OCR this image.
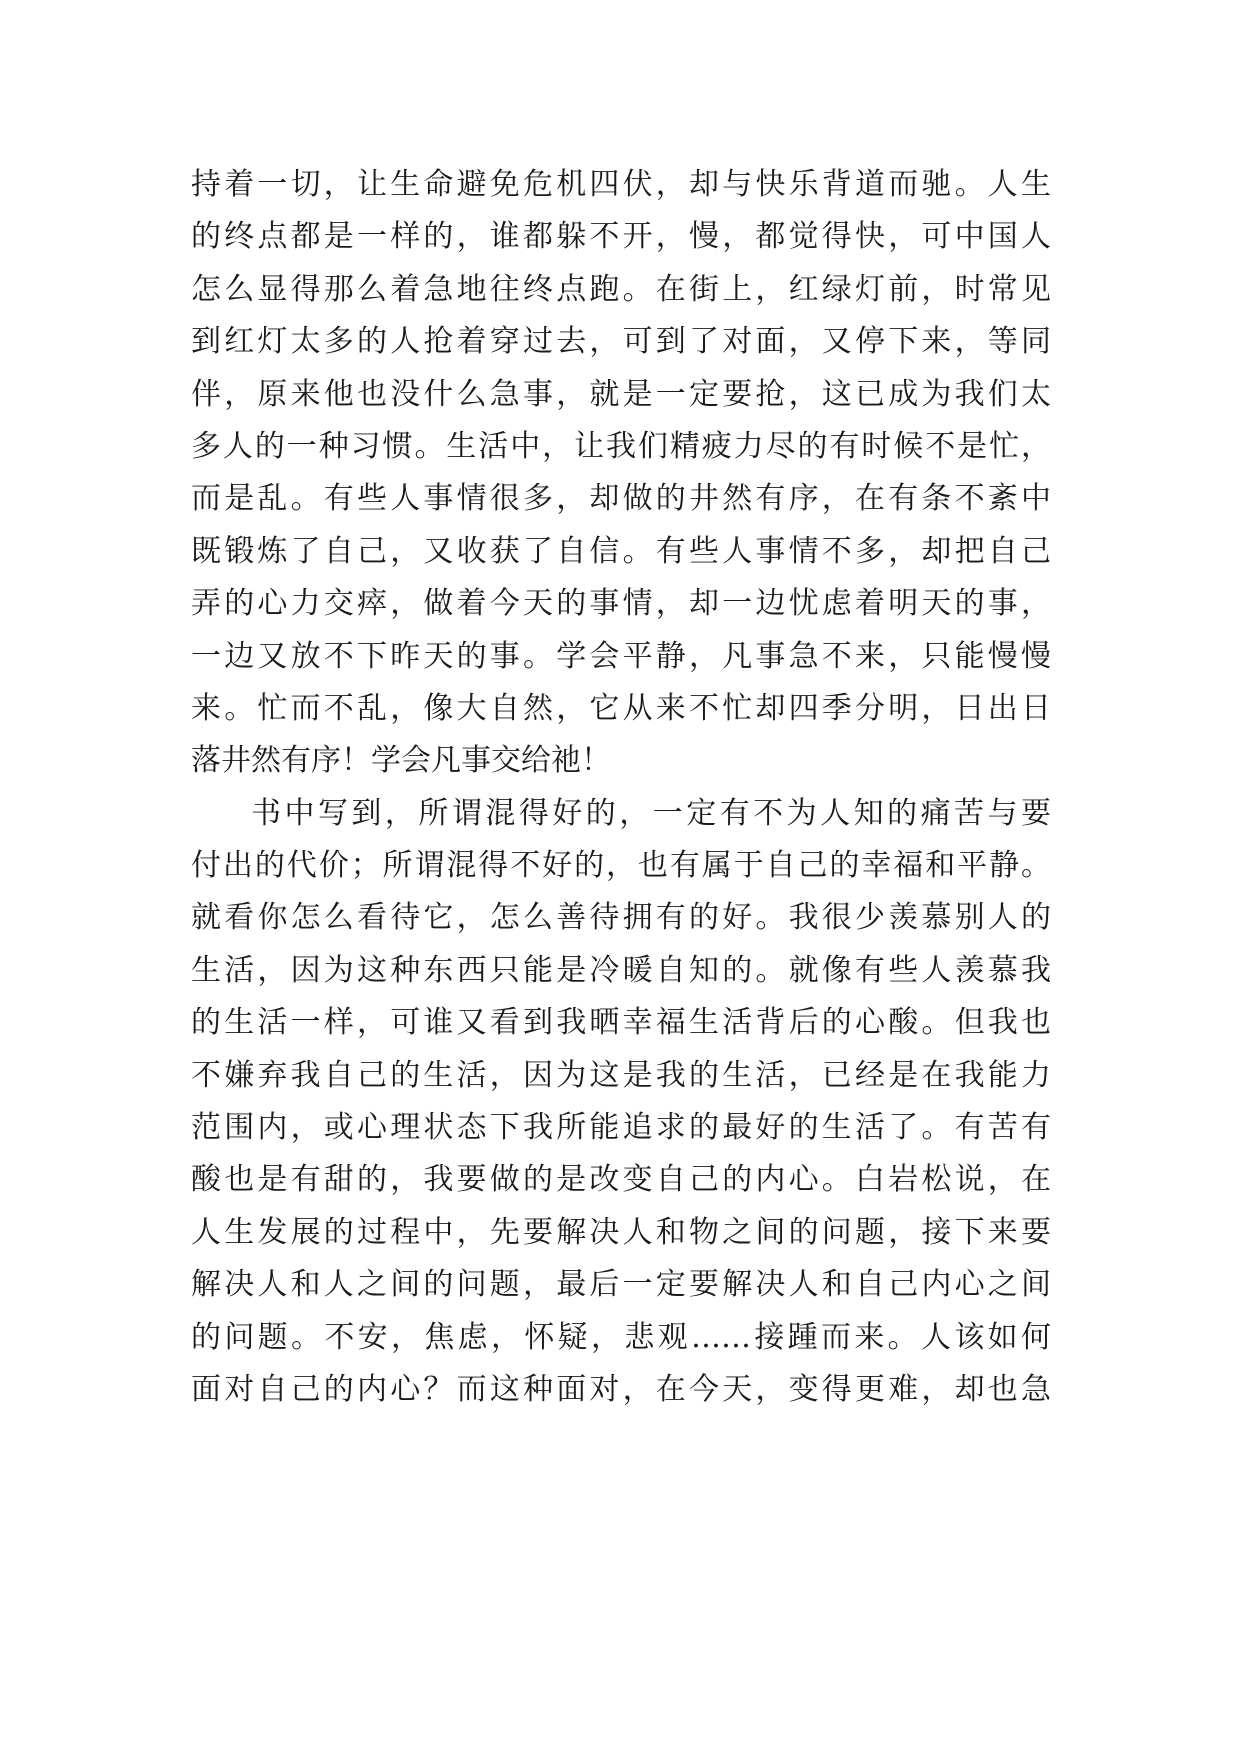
持着一切，让生命避免危机四伏，却与快乐背道而驰。人生
的终点都是一样的，谁都躲不开，慢，都觉得快，可中国人
怎么显得那么着急地往终点跑。在街上，红绿灯前，时常见
到红灯太多的人抢着穿过去，可到了对面，又停下来，等同
伴，原来他也没什么急事，就是一定要抢，这已成为我们太
多人的一种习惯。生活中，让我们精疲力尽的有时候不是忙，
而是乱。有些人事情很多，却做的井然有序，在有条不紊中
既锻炼了自己，又收获了自信。有些人事情不多，却把自己
弄的心力交瘁，做着今天的事情，却一边忧虑着明天的事，
一边又放不下昨天的事。学会平静，凡事急不来，只能慢慢
来。忙而不乱，像大自然，它从来不忙却四季分明，日出日
落井然有序！学会凡事交给祂！
书中写到，所谓混得好的，一定有不为人知的痛苦与要
付出的代价；所谓混得不好的，也有属于自己的幸福和平静。
就看你怎么看待它，怎么善待拥有的好。我很少羡慕别人的
生活，因为这种东西只能是冷暖自知的。就像有些人羡慕我
的生活一样，可谁又看到我晒幸福生活背后的心酸。但我也
不嫌弃我自己的生活，因为这是我的生活，已经是在我能力
范围内，或心理状态下我所能追求的最好的生活了。有苦有
酸也是有甜的，我要做的是改变自己的内心。白岩松说，在
人生发展的过程中，先要解决人和物之间的问题，接下来要
解决人和人之间的问题，最后一定要解决人和自己内心之间
的问题。不安，焦虑，怀疑，悲观……接踵而来。人该如何
面对自己的内心？而这种面对，在今天，变得更难，却也急
